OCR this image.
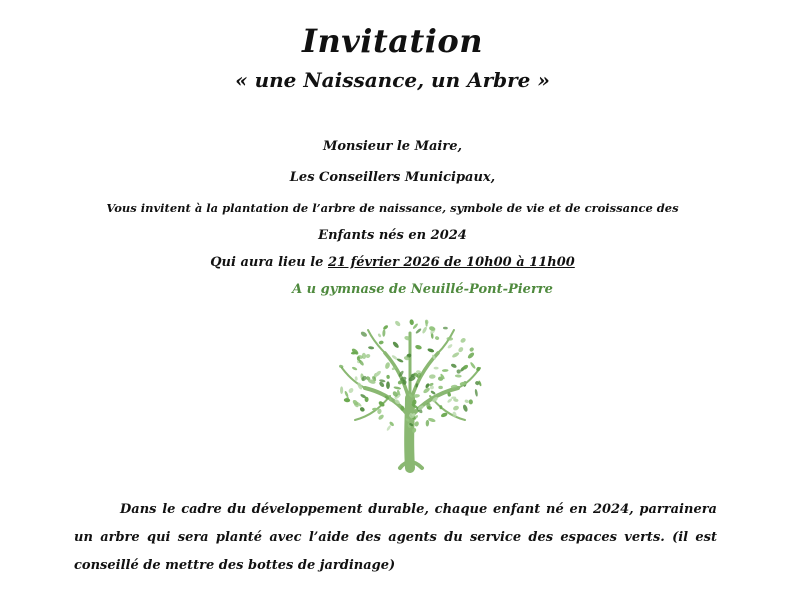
Invitation
« une Naissance, un Arbre »
Monsieur le Maire,
Les Conseillers Municipaux,
Vous invitent à la plantation de l’arbre de naissance, symbole de vie et de croissance des
Enfants nés en 2024
Qui aura lieu le 21 février 2026 de 10h00 à 11h00
A u gymnase de Neuillé-Pont-Pierre

Dans le cadre du développement durable, chaque enfant né en 2024, parrainera un arbre qui sera planté avec l’aide des agents du service des espaces verts. (il est conseillé de mettre des bottes de jardinage)
